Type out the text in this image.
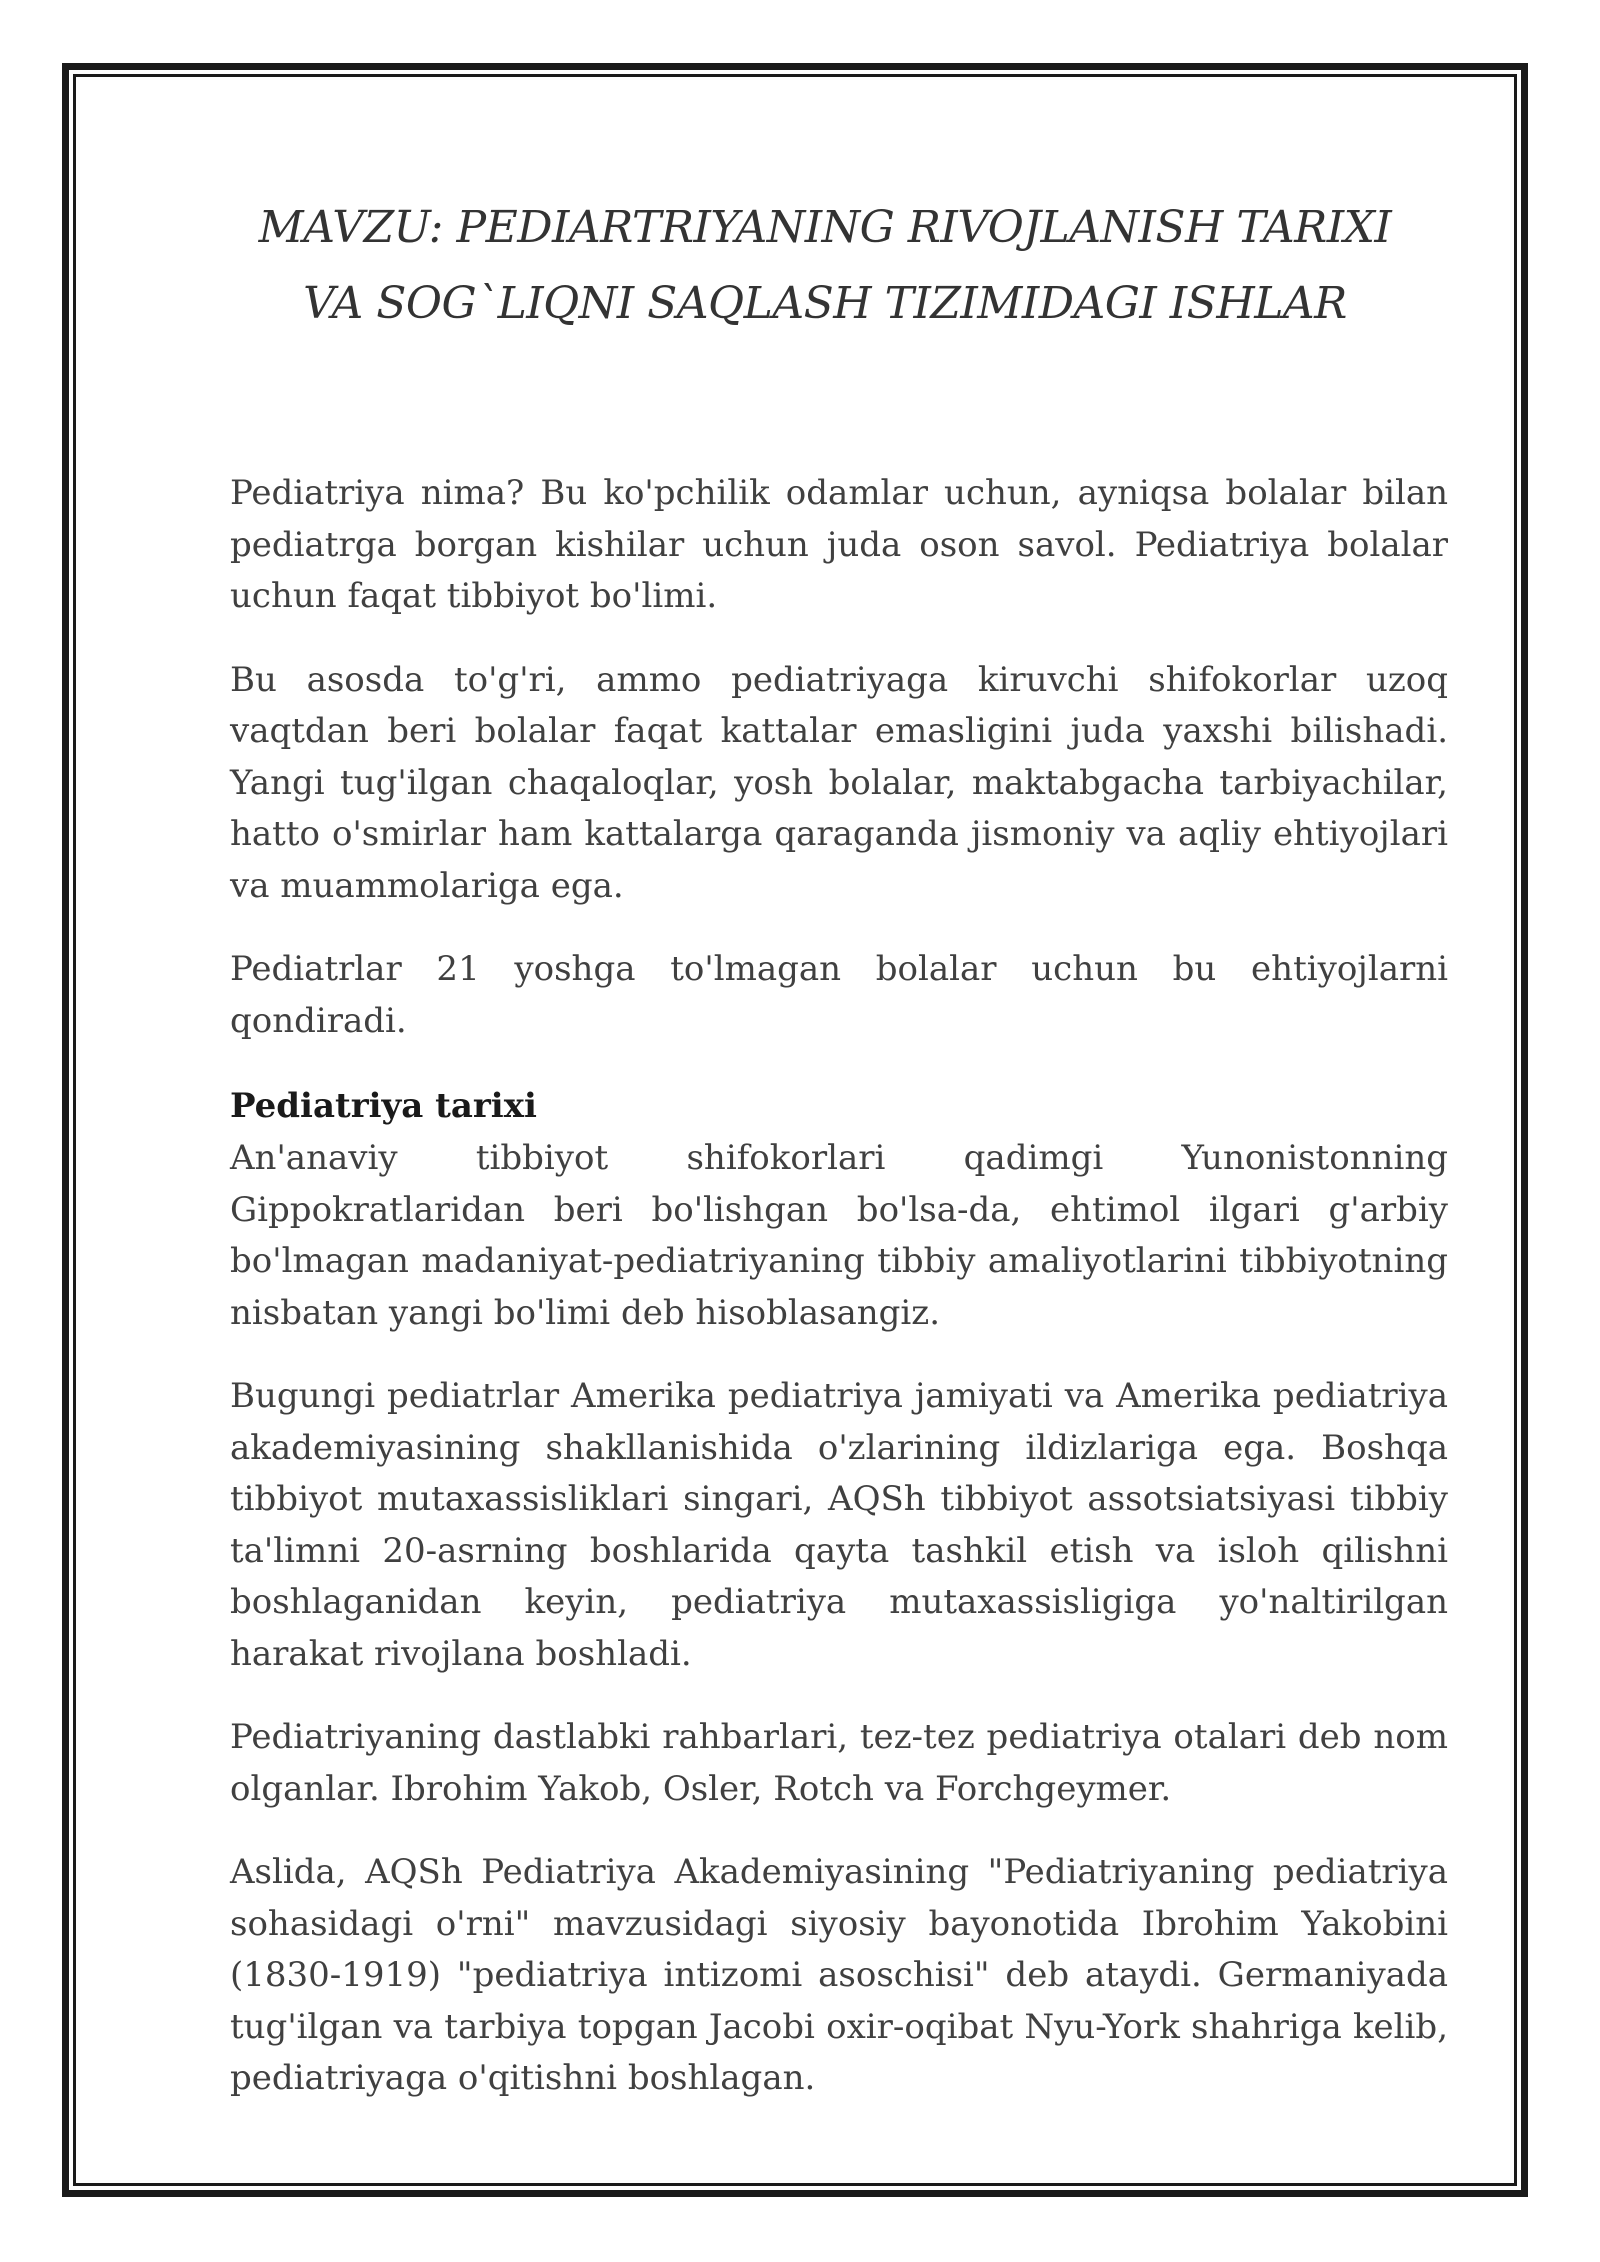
MAVZU: PEDIARTRIYANING RIVOJLANISH TARIXI
VA SOG`LIQNI SAQLASH TIZIMIDAGI ISHLAR

Pediatriya nima? Bu ko'pchilik odamlar uchun, ayniqsa bolalar bilan pediatrga borgan kishilar uchun juda oson savol. Pediatriya bolalar uchun faqat tibbiyot bo'limi.

Bu asosda to'g'ri, ammo pediatriyaga kiruvchi shifokorlar uzoq vaqtdan beri bolalar faqat kattalar emasligini juda yaxshi bilishadi. Yangi tug'ilgan chaqaloqlar, yosh bolalar, maktabgacha tarbiyachilar, hatto o'smirlar ham kattalarga qaraganda jismoniy va aqliy ehtiyojlari va muammolariga ega.

Pediatrlar 21 yoshga to'lmagan bolalar uchun bu ehtiyojlarni qondiradi.

Pediatriya tarixi

An'anaviy tibbiyot shifokorlari qadimgi Yunonistonning Gippokratlaridan beri bo'lishgan bo'lsa-da, ehtimol ilgari g'arbiy bo'lmagan madaniyat-pediatriyaning tibbiy amaliyotlarini tibbiyotning nisbatan yangi bo'limi deb hisoblasangiz.

Bugungi pediatrlar Amerika pediatriya jamiyati va Amerika pediatriya akademiyasining shakllanishida o'zlarining ildizlariga ega. Boshqa tibbiyot mutaxassisliklari singari, AQSh tibbiyot assotsiatsiyasi tibbiy ta'limni 20-asrning boshlarida qayta tashkil etish va isloh qilishni boshlaganidan keyin, pediatriya mutaxassisligiga yo'naltirilgan harakat rivojlana boshladi.

Pediatriyaning dastlabki rahbarlari, tez-tez pediatriya otalari deb nom olganlar. Ibrohim Yakob, Osler, Rotch va Forchgeymer.

Aslida, AQSh Pediatriya Akademiyasining "Pediatriyaning pediatriya sohasidagi o'rni" mavzusidagi siyosiy bayonotida Ibrohim Yakobini (1830-1919) "pediatriya intizomi asoschisi" deb ataydi. Germaniyada tug'ilgan va tarbiya topgan Jacobi oxir-oqibat Nyu-York shahriga kelib, pediatriyaga o'qitishni boshlagan.
